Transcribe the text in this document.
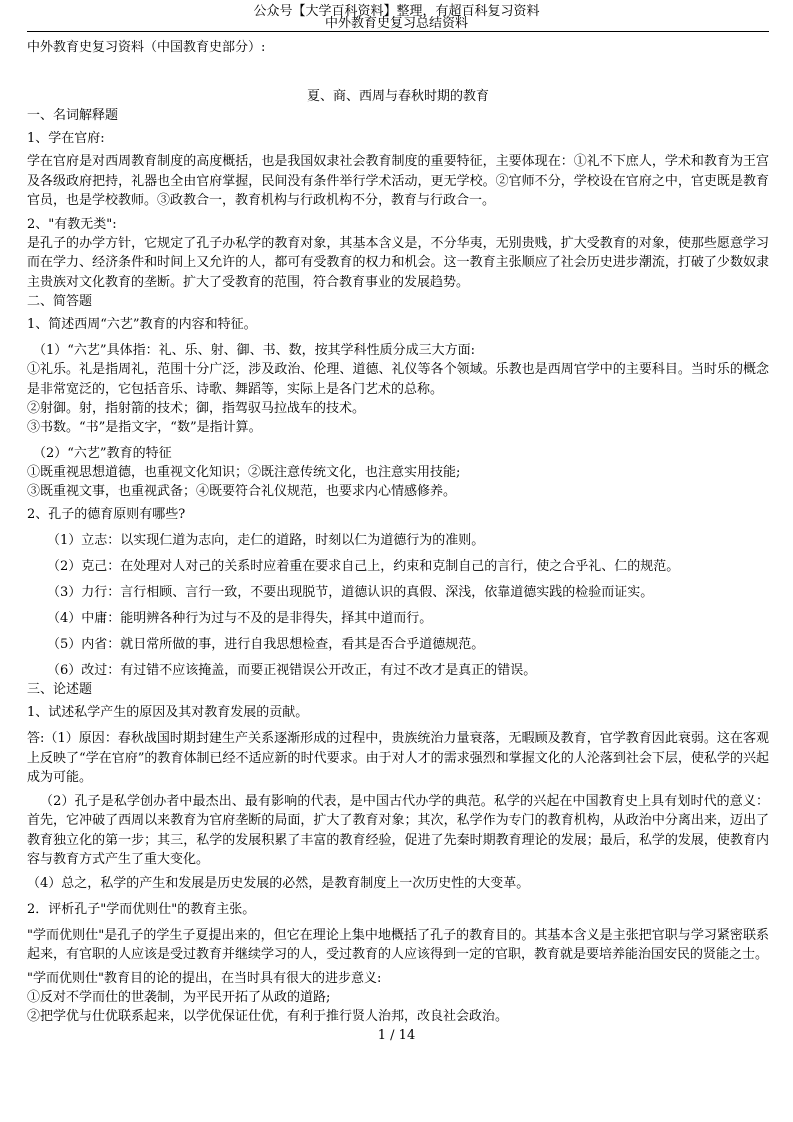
公众号【大学百科资料】整理，有超百科复习资料
中外教育史复习总结资料
中外教育史复习资料（中国教育史部分）:
夏、商、西周与春秋时期的教育
一、名词解释题
1、学在官府:
学在官府是对西周教育制度的高度概括，也是我国奴隶社会教育制度的重要特征，主要体现在：①礼不下庶人，学术和教育为王宫及各级政府把持，礼器也全由官府掌握，民间没有条件举行学术活动，更无学校。②官师不分，学校设在官府之中，官吏既是教育官员，也是学校教师。③政教合一，教育机构与行政机构不分，教育与行政合一。
2、"有教无类":
是孔子的办学方针，它规定了孔子办私学的教育对象，其基本含义是，不分华夷，无别贵贱，扩大受教育的对象，使那些愿意学习而在学力、经济条件和时间上又允许的人，都可有受教育的权力和机会。这一教育主张顺应了社会历史进步潮流，打破了少数奴隶主贵族对文化教育的垄断。扩大了受教育的范围，符合教育事业的发展趋势。
二、简答题
1、简述西周“六艺”教育的内容和特征。
（1）“六艺”具体指：礼、乐、射、御、书、数，按其学科性质分成三大方面:
①礼乐。礼是指周礼，范围十分广泛，涉及政治、伦理、道德、礼仪等各个领域。乐教也是西周官学中的主要科目。当时乐的概念是非常宽泛的，它包括音乐、诗歌、舞蹈等，实际上是各门艺术的总称。
②射御。射，指射箭的技术；御，指驾驭马拉战车的技术。
③书数。“书”是指文字，“数”是指计算。
（2）“六艺”教育的特征
①既重视思想道德，也重视文化知识；②既注意传统文化，也注意实用技能;
③既重视文事，也重视武备；④既要符合礼仪规范，也要求内心情感修养。
2、孔子的德育原则有哪些?
（1）立志：以实现仁道为志向，走仁的道路，时刻以仁为道德行为的准则。
（2）克己：在处理对人对己的关系时应着重在要求自己上，约束和克制自己的言行，使之合乎礼、仁的规范。
（3）力行：言行相顾、言行一致，不要出现脱节，道德认识的真假、深浅，依靠道德实践的检验而证实。
（4）中庸：能明辨各种行为过与不及的是非得失，择其中道而行。
（5）内省：就日常所做的事，进行自我思想检查，看其是否合乎道德规范。
（6）改过：有过错不应该掩盖，而要正视错误公开改正，有过不改才是真正的错误。
三、论述题
1、试述私学产生的原因及其对教育发展的贡献。
答:（1）原因：春秋战国时期封建生产关系逐渐形成的过程中，贵族统治力量衰落，无暇顾及教育，官学教育因此衰弱。这在客观上反映了“学在官府”的教育体制已经不适应新的时代要求。由于对人才的需求强烈和掌握文化的人沦落到社会下层，使私学的兴起成为可能。
（2）孔子是私学创办者中最杰出、最有影响的代表，是中国古代办学的典范。私学的兴起在中国教育史上具有划时代的意义：首先，它冲破了西周以来教育为官府垄断的局面，扩大了教育对象；其次，私学作为专门的教育机构，从政治中分离出来，迈出了教育独立化的第一步；其三，私学的发展积累了丰富的教育经验，促进了先秦时期教育理论的发展；最后，私学的发展，使教育内容与教育方式产生了重大变化。
（4）总之，私学的产生和发展是历史发展的必然，是教育制度上一次历史性的大变革。
2．评析孔子"学而优则仕"的教育主张。
"学而优则仕"是孔子的学生子夏提出来的，但它在理论上集中地概括了孔子的教育目的。其基本含义是主张把官职与学习紧密联系起来，有官职的人应该是受过教育并继续学习的人，受过教育的人应该得到一定的官职，教育就是要培养能治国安民的贤能之士。
"学而优则仕"教育目的论的提出，在当时具有很大的进步意义:
①反对不学而仕的世袭制，为平民开拓了从政的道路;
②把学优与仕优联系起来，以学优保证仕优，有利于推行贤人治邦，改良社会政治。
1 / 14
